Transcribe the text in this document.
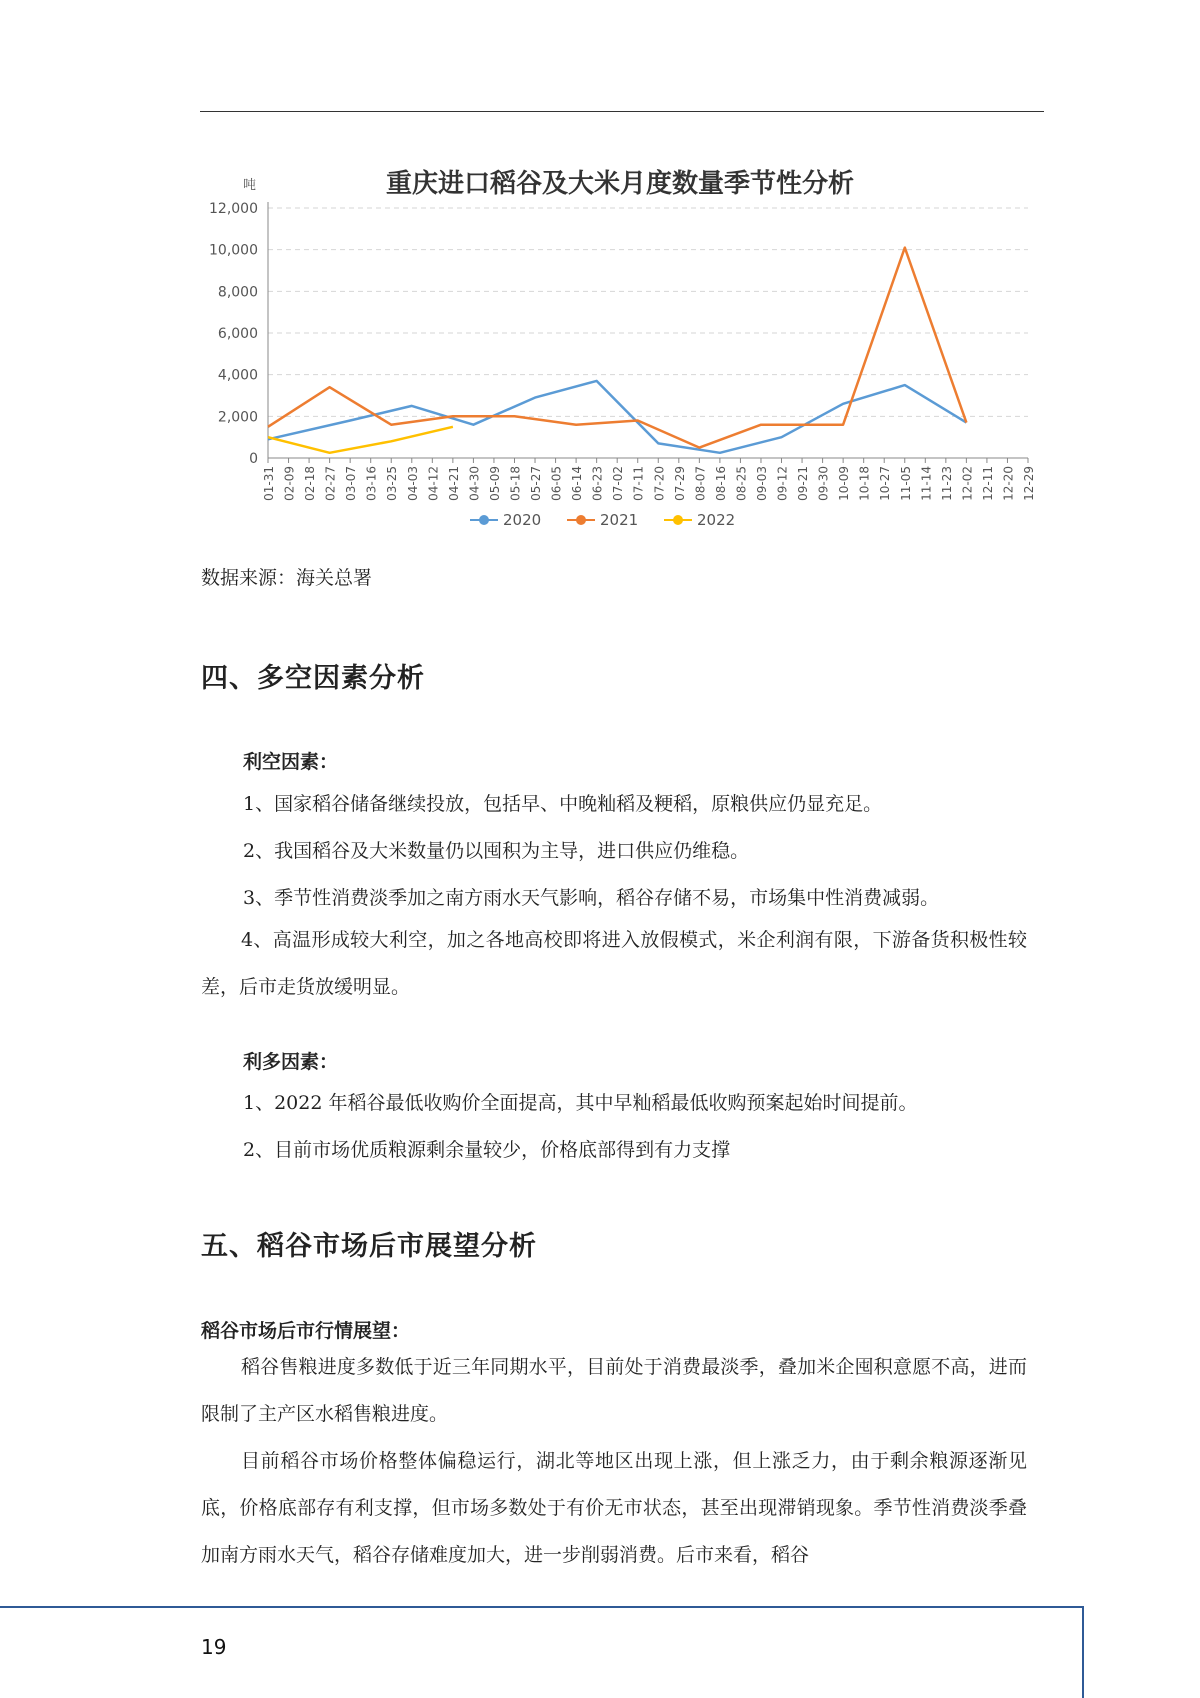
重庆进口稻谷及大米月度数量季节性分析
吨
0
2,000
4,000
6,000
8,000
10,000
12,000
01-31 02-09 02-18 02-27 03-07 03-16 03-25 04-03 04-12 04-21 04-30 05-09 05-18 05-27 06-05 06-14 06-23 07-02 07-11 07-20 07-29 08-07 08-16 08-25 09-03 09-12 09-21 09-30 10-09 10-18 10-27 11-05 11-14 11-23 12-02 12-11 12-20 12-29
2020	2021	2022
数据来源：海关总署
四、多空因素分析
利空因素：
1、国家稻谷储备继续投放，包括早、中晚籼稻及粳稻，原粮供应仍显充足。
2、我国稻谷及大米数量仍以囤积为主导，进口供应仍维稳。
3、季节性消费淡季加之南方雨水天气影响，稻谷存储不易，市场集中性消费减弱。
4、高温形成较大利空，加之各地高校即将进入放假模式，米企利润有限，下游备货积极性较差，后市走货放缓明显。
利多因素：
1、2022 年稻谷最低收购价全面提高，其中早籼稻最低收购预案起始时间提前。
2、目前市场优质粮源剩余量较少，价格底部得到有力支撑
五、稻谷市场后市展望分析
稻谷市场后市行情展望：
稻谷售粮进度多数低于近三年同期水平，目前处于消费最淡季，叠加米企囤积意愿不高，进而限制了主产区水稻售粮进度。
目前稻谷市场价格整体偏稳运行，湖北等地区出现上涨，但上涨乏力，由于剩余粮源逐渐见底，价格底部存有利支撑，但市场多数处于有价无市状态，甚至出现滞销现象。季节性消费淡季叠加南方雨水天气，稻谷存储难度加大，进一步削弱消费。后市来看，稻谷
19
